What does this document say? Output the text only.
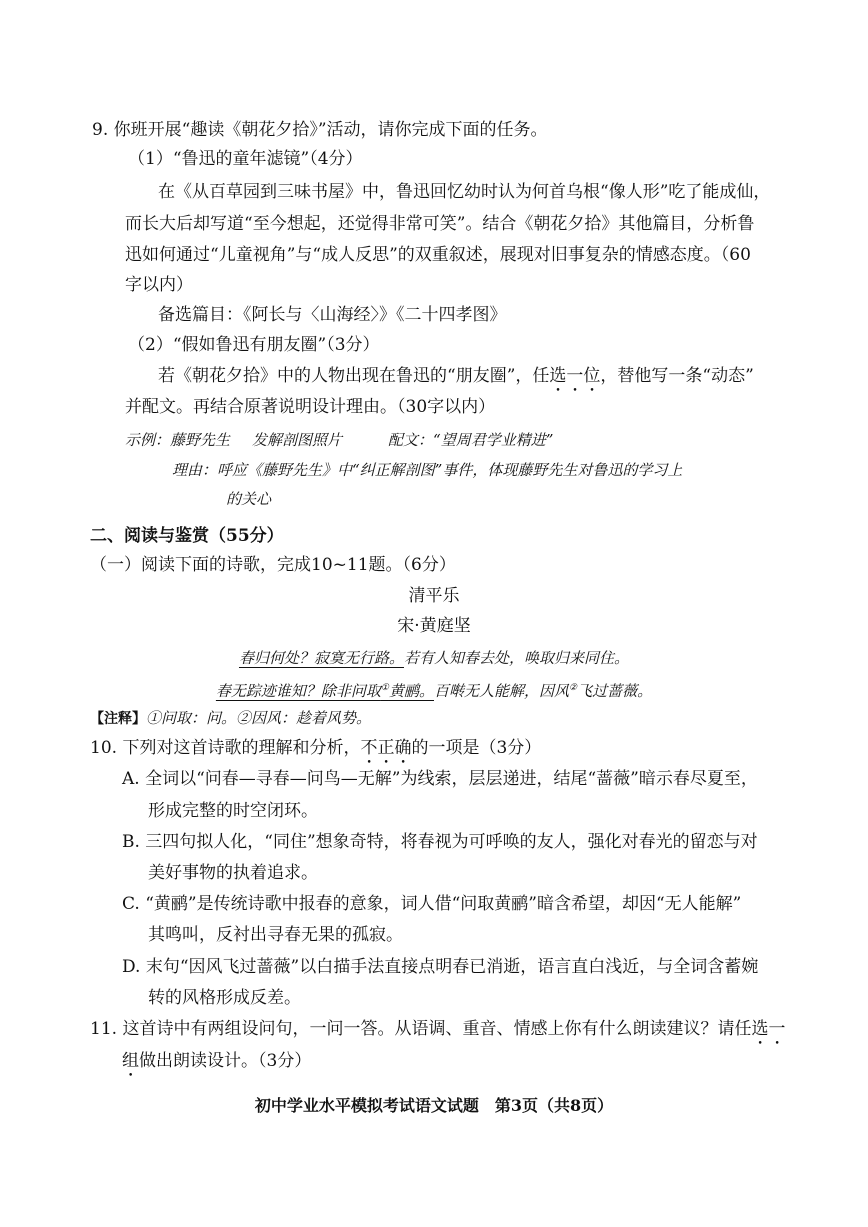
9. 你班开展“趣读《朝花夕拾》”活动，请你完成下面的任务。
（1）“鲁迅的童年滤镜”（4分）
在《从百草园到三味书屋》中，鲁迅回忆幼时认为何首乌根“像人形”吃了能成仙，
而长大后却写道“至今想起，还觉得非常可笑”。结合《朝花夕拾》其他篇目，分析鲁
迅如何通过“儿童视角”与“成人反思”的双重叙述，展现对旧事复杂的情感态度。（60
字以内）
备选篇目：《阿长与〈山海经〉》《二十四孝图》
（2）“假如鲁迅有朋友圈”（3分）
若《朝花夕拾》中的人物出现在鲁迅的“朋友圈”，任选一位，替他写一条“动态”
并配文。再结合原著说明设计理由。（30字以内）
示例：藤野先生 发解剖图照片	配文：“望周君学业精进”
理由：呼应《藤野先生》中“纠正解剖图”事件，体现藤野先生对鲁迅的学习上
的关心
二、阅读与鉴赏（55分）
（一）阅读下面的诗歌，完成10~11题。（6分）
清平乐
宋·黄庭坚
春归何处？寂寞无行路。若有人知春去处，唤取归来同住。
春无踪迹谁知？除非问取①黄鹂。百啭无人能解，因风②飞过蔷薇。
【注释】①问取：问。②因风：趁着风势。
10. 下列对这首诗歌的理解和分析，不正确的一项是（3分）
A. 全词以“问春—寻春—问鸟—无解”为线索，层层递进，结尾“蔷薇”暗示春尽夏至，
形成完整的时空闭环。
B. 三四句拟人化，“同住”想象奇特，将春视为可呼唤的友人，强化对春光的留恋与对
美好事物的执着追求。
C. “黄鹂”是传统诗歌中报春的意象，词人借“问取黄鹂”暗含希望，却因“无人能解”
其鸣叫，反衬出寻春无果的孤寂。
D. 末句“因风飞过蔷薇”以白描手法直接点明春已消逝，语言直白浅近，与全词含蓄婉
转的风格形成反差。
11. 这首诗中有两组设问句，一问一答。从语调、重音、情感上你有什么朗读建议？请任选一
组做出朗读设计。（3分）
初中学业水平模拟考试语文试题　第3页（共8页）
